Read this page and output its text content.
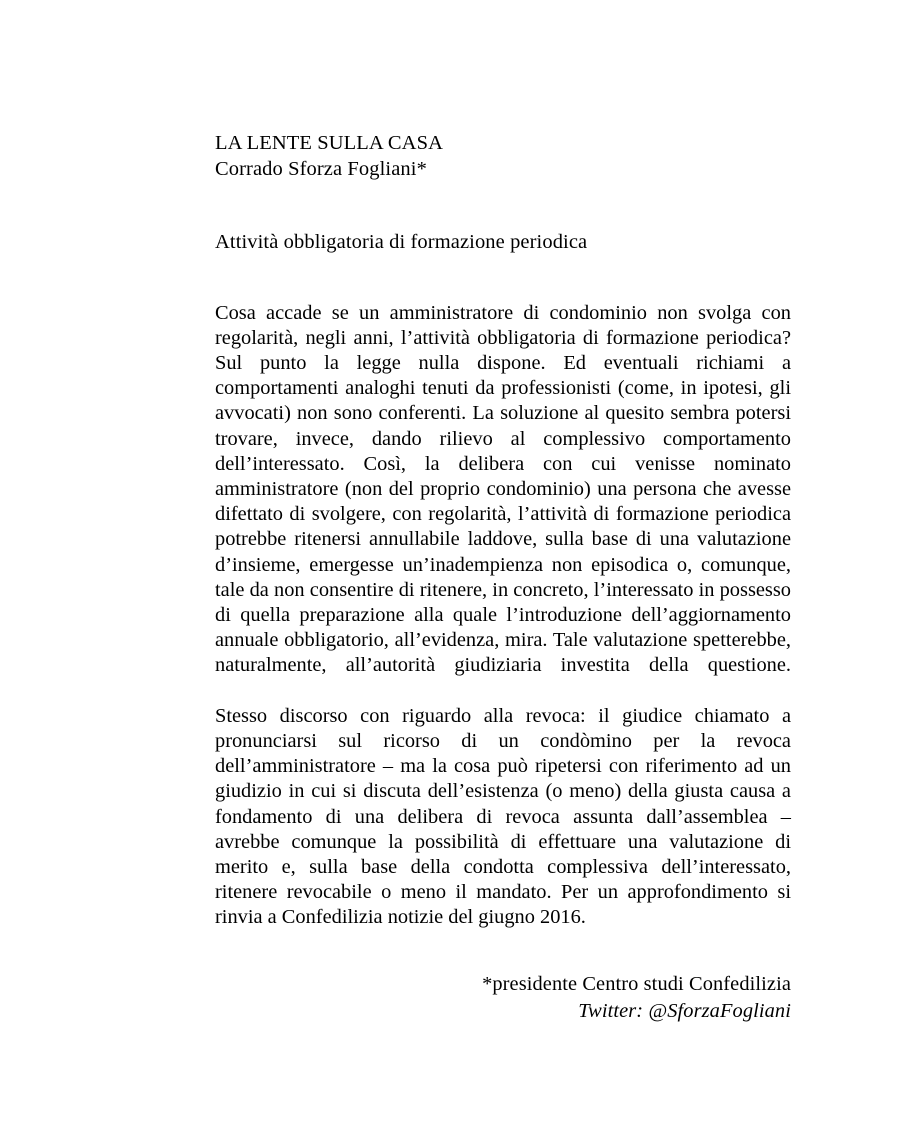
LA LENTE SULLA CASA
Corrado Sforza Fogliani*
Attività obbligatoria di formazione periodica

Cosa accade se un amministratore di condominio non svolga con regolarità, negli anni, l’attività obbligatoria di formazione periodica? Sul punto la legge nulla dispone. Ed eventuali richiami a comportamenti analoghi tenuti da professionisti (come, in ipotesi, gli avvocati) non sono conferenti. La soluzione al quesito sembra potersi trovare, invece, dando rilievo al complessivo comportamento dell’interessato. Così, la delibera con cui venisse nominato amministratore (non del proprio condominio) una persona che avesse difettato di svolgere, con regolarità, l’attività di formazione periodica potrebbe ritenersi annullabile laddove, sulla base di una valutazione d’insieme, emergesse un’inadempienza non episodica o, comunque, tale da non consentire di ritenere, in concreto, l’interessato in possesso di quella preparazione alla quale l’introduzione dell’aggiornamento annuale obbligatorio, all’evidenza, mira. Tale valutazione spetterebbe, naturalmente, all’autorità giudiziaria investita della questione.

Stesso discorso con riguardo alla revoca: il giudice chiamato a pronunciarsi sul ricorso di un condòmino per la revoca dell’amministratore – ma la cosa può ripetersi con riferimento ad un giudizio in cui si discuta dell’esistenza (o meno) della giusta causa a fondamento di una delibera di revoca assunta dall’assemblea – avrebbe comunque la possibilità di effettuare una valutazione di merito e, sulla base della condotta complessiva dell’interessato, ritenere revocabile o meno il mandato. Per un approfondimento si rinvia a Confedilizia notizie del giugno 2016.

*presidente Centro studi Confedilizia
Twitter: @SforzaFogliani
